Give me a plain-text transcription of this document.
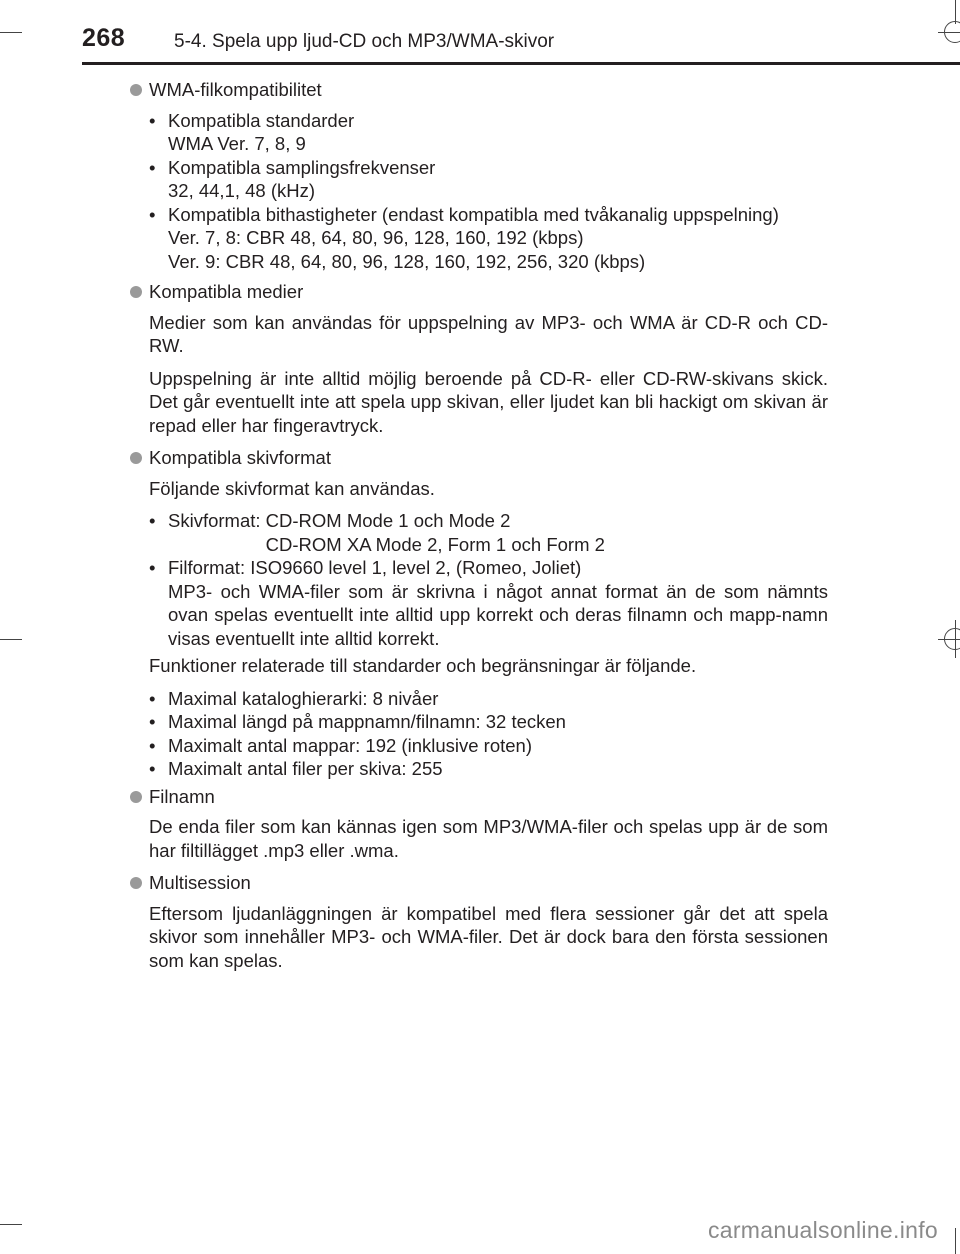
268	5-4. Spela upp ljud-CD och MP3/WMA-skivor
WMA-filkompatibilitet
• Kompatibla standarder
WMA Ver. 7, 8, 9
• Kompatibla samplingsfrekvenser
32, 44,1, 48 (kHz)
• Kompatibla bithastigheter (endast kompatibla med tvåkanalig uppspelning)
Ver. 7, 8: CBR 48, 64, 80, 96, 128, 160, 192 (kbps)
Ver. 9: CBR 48, 64, 80, 96, 128, 160, 192, 256, 320 (kbps)
Kompatibla medier

Medier som kan användas för uppspelning av MP3- och WMA är CD-R och CD-RW.

Uppspelning är inte alltid möjlig beroende på CD-R- eller CD-RW-skivans skick. Det går eventuellt inte att spela upp skivan, eller ljudet kan bli hackigt om skivan är repad eller har fingeravtryck.

Kompatibla skivformat

Följande skivformat kan användas.

• Skivformat: CD-ROM Mode 1 och Mode 2
CD-ROM XA Mode 2, Form 1 och Form 2
• Filformat: ISO9660 level 1, level 2, (Romeo, Joliet)
MP3- och WMA-filer som är skrivna i något annat format än de som nämnts ovan spelas eventuellt inte alltid upp korrekt och deras filnamn och mapp-namn visas eventuellt inte alltid korrekt.

Funktioner relaterade till standarder och begränsningar är följande.

• Maximal kataloghierarki: 8 nivåer
• Maximal längd på mappnamn/filnamn: 32 tecken
• Maximalt antal mappar: 192 (inklusive roten)
• Maximalt antal filer per skiva: 255
Filnamn

De enda filer som kan kännas igen som MP3/WMA-filer och spelas upp är de som har filtillägget .mp3 eller .wma.

Multisession

Eftersom ljudanläggningen är kompatibel med flera sessioner går det att spela skivor som innehåller MP3- och WMA-filer. Det är dock bara den första sessionen som kan spelas.

carmanualsonline.info
